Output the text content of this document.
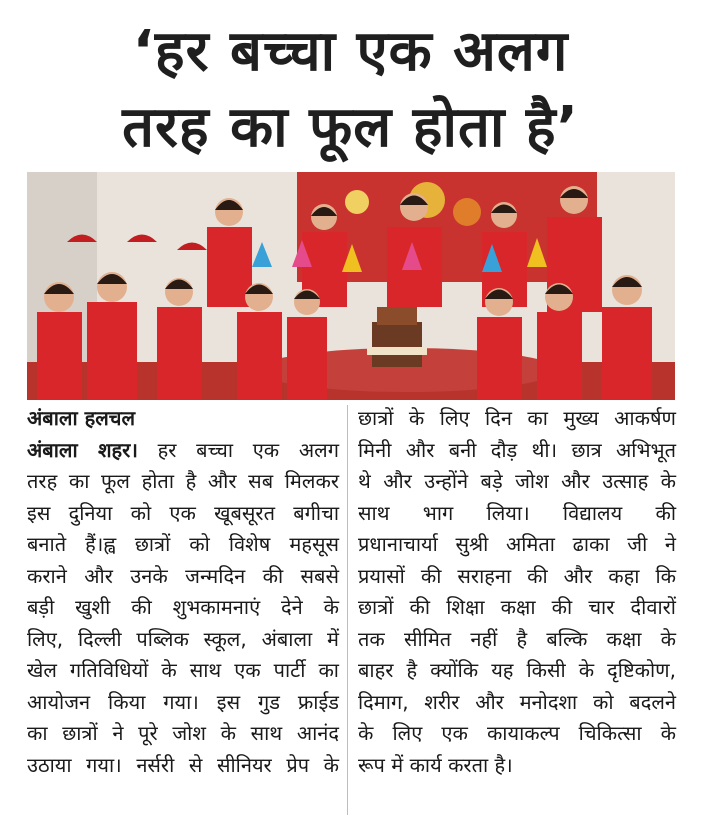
‘हर बच्चा एक अलग
तरह का फूल होता है’
अंबाला हलचल
अंबाला शहर। हर बच्चा एक अलग
तरह का फूल होता है और सब मिलकर
इस दुनिया को एक खूबसूरत बगीचा
बनाते हैं।ह्व छात्रों को विशेष महसूस
कराने और उनके जन्मदिन की सबसे
बड़ी खुशी की शुभकामनाएं देने के
लिए, दिल्ली पब्लिक स्कूल, अंबाला में
खेल गतिविधियों के साथ एक पार्टी का
आयोजन किया गया। इस गुड फ्राईड
का छात्रों ने पूरे जोश के साथ आनंद
उठाया गया। नर्सरी से सीनियर प्रेप के
छात्रों के लिए दिन का मुख्य आकर्षण
मिनी और बनी दौड़ थी। छात्र अभिभूत
थे और उन्होंने बड़े जोश और उत्साह के
साथ भाग लिया। विद्यालय की
प्रधानाचार्या सुश्री अमिता ढाका जी ने
प्रयासों की सराहना की और कहा कि
छात्रों की शिक्षा कक्षा की चार दीवारों
तक सीमित नहीं है बल्कि कक्षा के
बाहर है क्योंकि यह किसी के दृष्टिकोण,
दिमाग, शरीर और मनोदशा को बदलने
के लिए एक कायाकल्प चिकित्सा के
रूप में कार्य करता है।
